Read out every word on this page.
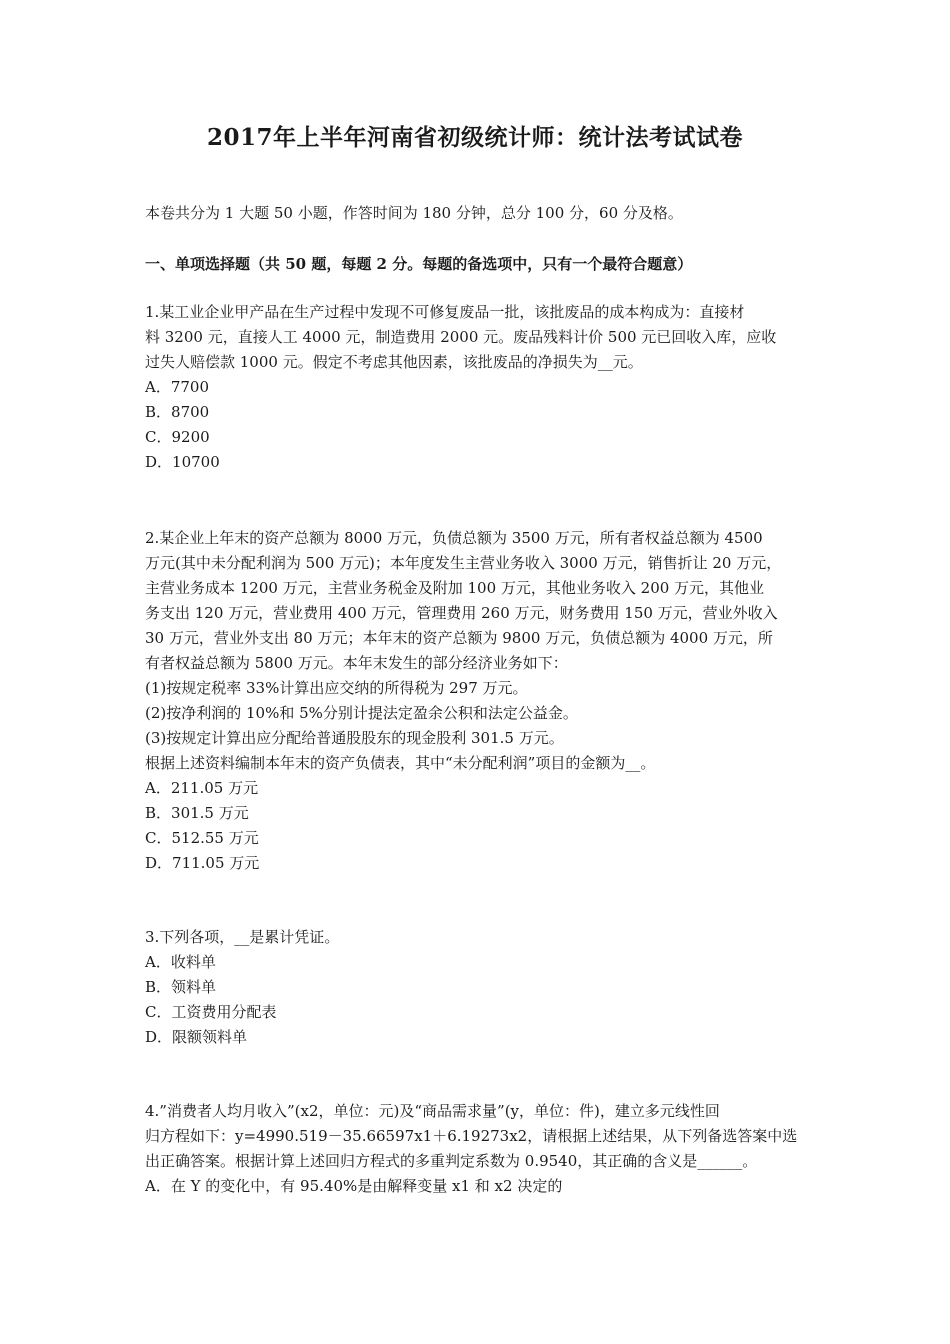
2017年上半年河南省初级统计师：统计法考试试卷
本卷共分为 1 大题 50 小题，作答时间为 180 分钟，总分 100 分，60 分及格。
一、单项选择题（共 50 题，每题 2 分。每题的备选项中，只有一个最符合题意）
1.某工业企业甲产品在生产过程中发现不可修复废品一批，该批废品的成本构成为：直接材
料 3200 元，直接人工 4000 元，制造费用 2000 元。废品残料计价 500 元已回收入库，应收
过失人赔偿款 1000 元。假定不考虑其他因素，该批废品的净损失为__元。
A．7700
B．8700
C．9200
D．10700
2.某企业上年末的资产总额为 8000 万元，负债总额为 3500 万元，所有者权益总额为 4500
万元(其中未分配利润为 500 万元)；本年度发生主营业务收入 3000 万元，销售折让 20 万元，
主营业务成本 1200 万元，主营业务税金及附加 100 万元，其他业务收入 200 万元，其他业
务支出 120 万元，营业费用 400 万元，管理费用 260 万元，财务费用 150 万元，营业外收入
30 万元，营业外支出 80 万元；本年末的资产总额为 9800 万元，负债总额为 4000 万元，所
有者权益总额为 5800 万元。本年末发生的部分经济业务如下：
(1)按规定税率 33%计算出应交纳的所得税为 297 万元。
(2)按净利润的 10%和 5%分别计提法定盈余公积和法定公益金。
(3)按规定计算出应分配给普通股股东的现金股利 301.5 万元。
根据上述资料编制本年末的资产负债表，其中“未分配利润”项目的金额为__。
A．211.05 万元
B．301.5 万元
C．512.55 万元
D．711.05 万元
3.下列各项，__是累计凭证。
A．收料单
B．领料单
C．工资费用分配表
D．限额领料单
4.”消费者人均月收入”(x2，单位：元)及“商品需求量”(y，单位：件)，建立多元线性回
归方程如下：y=4990.519－35.66597x1＋6.19273x2，请根据上述结果，从下列备选答案中选
出正确答案。根据计算上述回归方程式的多重判定系数为 0.9540，其正确的含义是______。
A．在 Y 的变化中，有 95.40%是由解释变量 x1 和 x2 决定的
